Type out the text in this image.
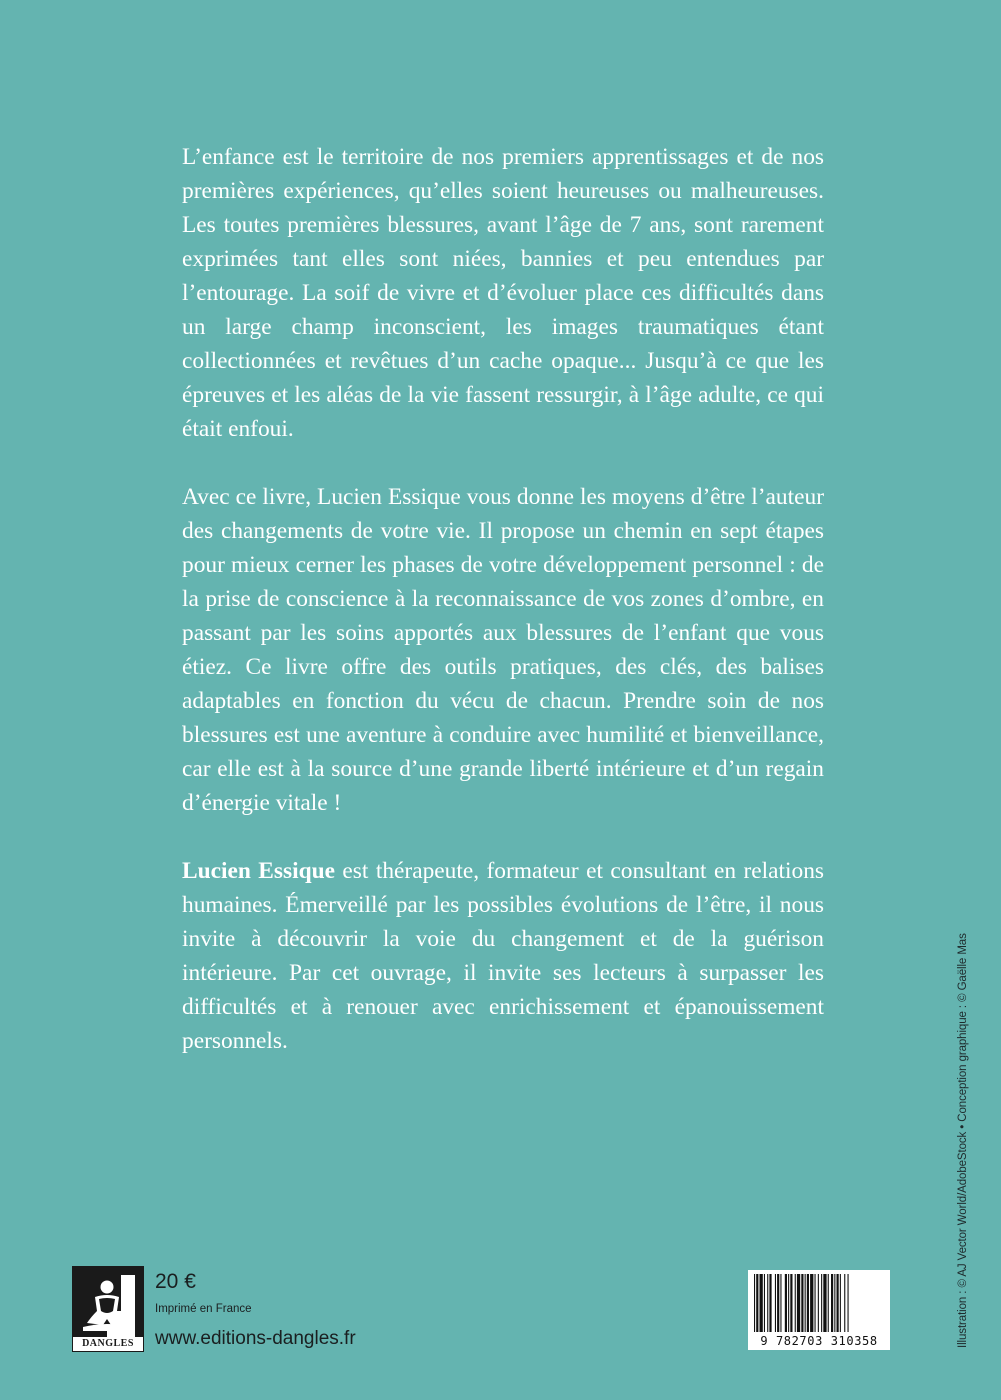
L’enfance est le territoire de nos premiers apprentissages et de nos premières expériences, qu’elles soient heureuses ou malheureuses. Les toutes premières blessures, avant l’âge de 7 ans, sont rarement exprimées tant elles sont niées, bannies et peu entendues par l’entourage. La soif de vivre et d’évoluer place ces difficultés dans un large champ inconscient, les images traumatiques étant collectionnées et revêtues d’un cache opaque... Jusqu’à ce que les épreuves et les aléas de la vie fassent ressurgir, à l’âge adulte, ce qui était enfoui.

Avec ce livre, Lucien Essique vous donne les moyens d’être l’auteur des changements de votre vie. Il propose un chemin en sept étapes pour mieux cerner les phases de votre développement personnel : de la prise de conscience à la reconnaissance de vos zones d’ombre, en passant par les soins apportés aux blessures de l’enfant que vous étiez. Ce livre offre des outils pratiques, des clés, des balises adaptables en fonction du vécu de chacun. Prendre soin de nos blessures est une aventure à conduire avec humilité et bienveillance, car elle est à la source d’une grande liberté intérieure et d’un regain d’énergie vitale !

Lucien Essique est thérapeute, formateur et consultant en relations humaines. Émerveillé par les possibles évolutions de l’être, il nous invite à découvrir la voie du changement et de la guérison intérieure. Par cet ouvrage, il invite ses lecteurs à surpasser les difficultés et à renouer avec enrichissement et épanouissement personnels.	Illustration : © AJ Vector World/AdobeStock • Conception graphique : © Gaëlle Mas
DANGLES
20 €
Imprimé en France
www.editions-dangles.fr	9 782703 310358
